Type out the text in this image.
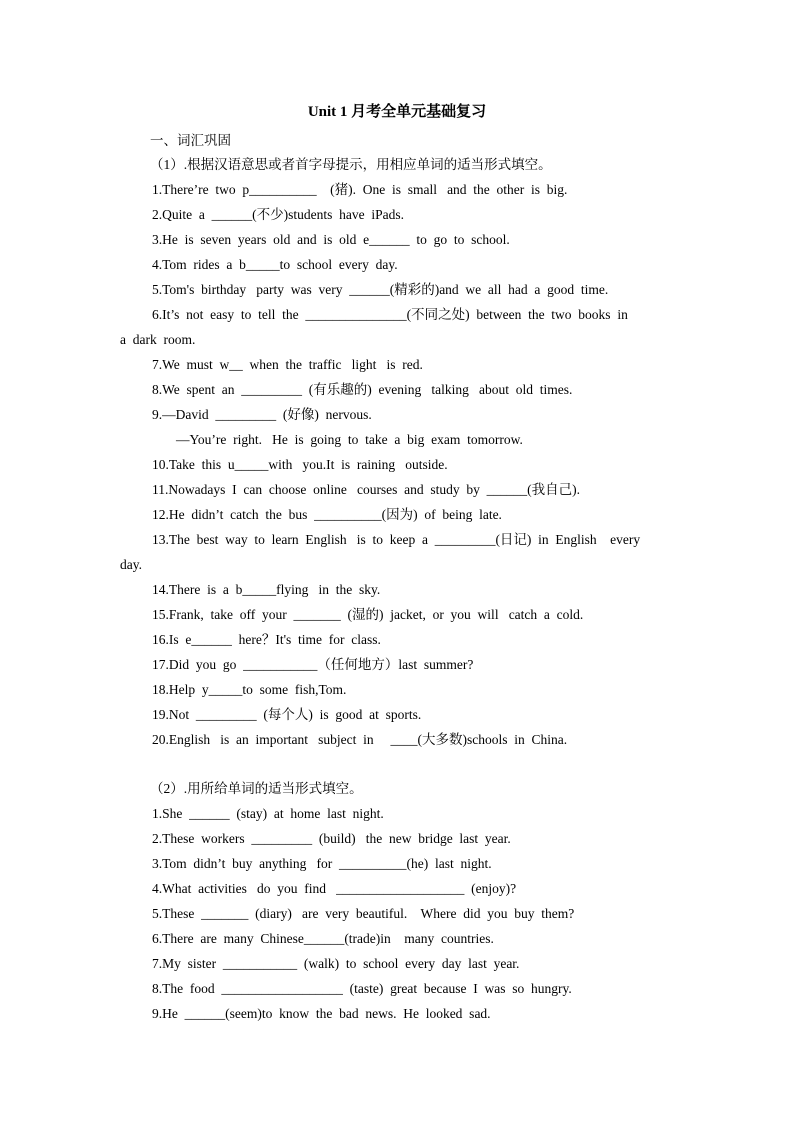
Unit 1 月考全单元基础复习
一、词汇巩固
（1）.根据汉语意思或者首字母提示，用相应单词的适当形式填空。
1.There’re  two  p__________    (猪).  One  is  small   and  the  other  is  big.
2.Quite  a  ______(不少)students  have  iPads.
3.He  is  seven  years  old  and  is  old  e______  to  go  to  school.
4.Tom  rides  a  b_____to  school  every  day.
5.Tom's  birthday   party  was  very  ______(精彩的)and  we  all  had  a  good  time.
6.It’s  not  easy  to  tell  the  _______________(不同之处)  between  the  two  books  in
a  dark  room.
7.We  must  w__  when  the  traffic   light   is  red.
8.We  spent  an  _________  (有乐趣的)  evening   talking   about  old  times.
9.—David  _________  (好像)  nervous.
—You’re  right.   He  is  going  to  take  a  big  exam  tomorrow.
10.Take  this  u_____with   you.It  is  raining   outside.
11.Nowadays  I  can  choose  online   courses  and  study  by  ______(我自己).
12.He  didn’t  catch  the  bus  __________(因为)  of  being  late.
13.The  best  way  to  learn  English   is  to  keep  a  _________(日记)  in  English    every
day.
14.There  is  a  b_____flying   in  the  sky.
15.Frank,  take  off  your  _______  (湿的)  jacket,  or  you  will   catch  a  cold.
16.Is  e______  here？It's  time  for  class.
17.Did  you  go  ___________（任何地方）last  summer?
18.Help  y_____to  some  fish,Tom.
19.Not  _________  (每个人)  is  good  at  sports.
20.English   is  an  important   subject  in     ____(大多数)schools  in  China.
（2）.用所给单词的适当形式填空。
1.She  ______  (stay)  at  home  last  night.
2.These  workers  _________  (build)   the  new  bridge  last  year.
3.Tom  didn’t  buy  anything   for  __________(he)  last  night.
4.What  activities   do  you  find   ___________________  (enjoy)?
5.These  _______  (diary)   are  very  beautiful.    Where  did  you  buy  them?
6.There  are  many  Chinese______(trade)in    many  countries.
7.My  sister  ___________  (walk)  to  school  every  day  last  year.
8.The  food  __________________  (taste)  great  because  I  was  so  hungry.
9.He  ______(seem)to  know  the  bad  news.  He  looked  sad.
